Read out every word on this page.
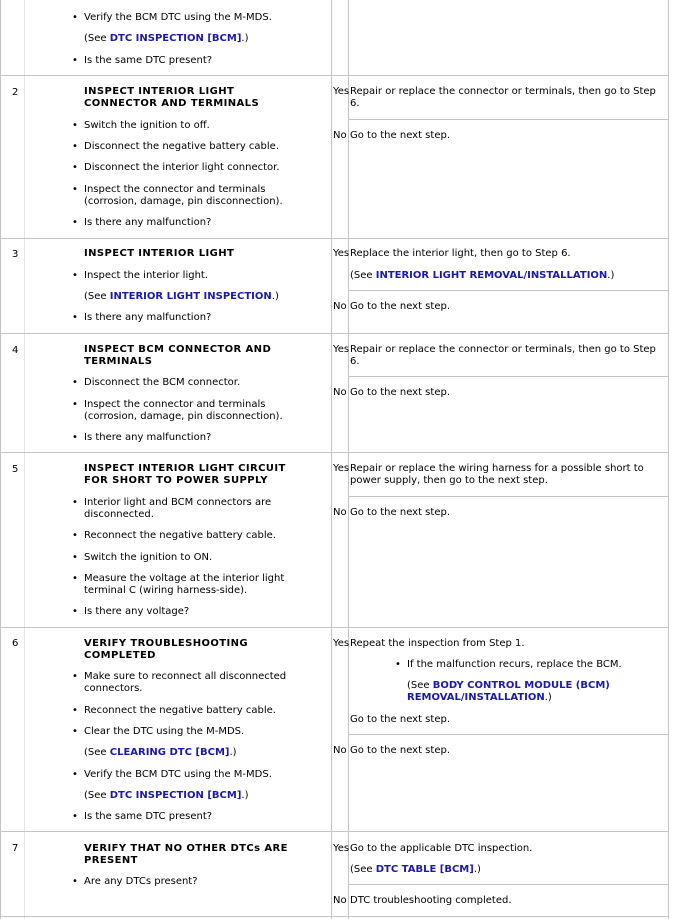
• Verify the BCM DTC using the M-MDS.
(See DTC INSPECTION [BCM].)
• Is the same DTC present?
2	INSPECT INTERIOR LIGHT CONNECTOR AND TERMINALS
• Switch the ignition to off.
• Disconnect the negative battery cable.
• Disconnect the interior light connector.
• Inspect the connector and terminals (corrosion, damage, pin disconnection).
• Is there any malfunction?
Yes Repair or replace the connector or terminals, then go to Step 6.
No Go to the next step.
3	INSPECT INTERIOR LIGHT
• Inspect the interior light.
(See INTERIOR LIGHT INSPECTION.)
• Is there any malfunction?
Yes Replace the interior light, then go to Step 6.
(See INTERIOR LIGHT REMOVAL/INSTALLATION.)
No Go to the next step.
4	INSPECT BCM CONNECTOR AND TERMINALS
• Disconnect the BCM connector.
• Inspect the connector and terminals (corrosion, damage, pin disconnection).
• Is there any malfunction?
Yes Repair or replace the connector or terminals, then go to Step 6.
No Go to the next step.
5	INSPECT INTERIOR LIGHT CIRCUIT FOR SHORT TO POWER SUPPLY
• Interior light and BCM connectors are disconnected.
• Reconnect the negative battery cable.
• Switch the ignition to ON.
• Measure the voltage at the interior light terminal C (wiring harness-side).
• Is there any voltage?
Yes Repair or replace the wiring harness for a possible short to power supply, then go to the next step.
No Go to the next step.
6	VERIFY TROUBLESHOOTING COMPLETED
• Make sure to reconnect all disconnected connectors.
• Reconnect the negative battery cable.
• Clear the DTC using the M-MDS.
(See CLEARING DTC [BCM].)
• Verify the BCM DTC using the M-MDS.
(See DTC INSPECTION [BCM].)
• Is the same DTC present?
Yes Repeat the inspection from Step 1.
• If the malfunction recurs, replace the BCM.
(See BODY CONTROL MODULE (BCM) REMOVAL/INSTALLATION.)
Go to the next step.
No Go to the next step.
7	VERIFY THAT NO OTHER DTCs ARE PRESENT
• Are any DTCs present?
Yes Go to the applicable DTC inspection.
(See DTC TABLE [BCM].)
No DTC troubleshooting completed.
